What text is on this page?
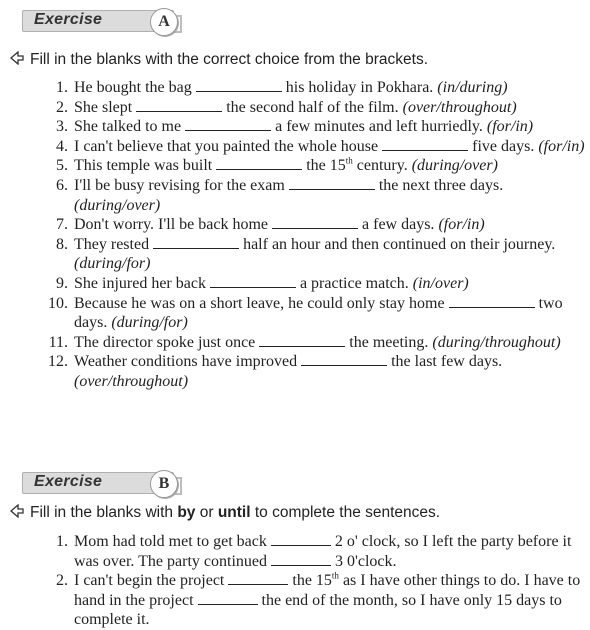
Exercise	A
Fill in the blanks with the correct choice from the brackets.
1. He bought the bag	his holiday in Pokhara. (in/during)
2. She slept	the second half of the film. (over/throughout)
3. She talked to me	a few minutes and left hurriedly. (for/in)
4. I can't believe that you painted the whole house	five days. (for/in)
5. This temple was built	the 15th century. (during/over)
6. I'll be busy revising for the exam	the next three days. (during/over)
7. Don't worry. I'll be back home	a few days. (for/in)
8. They rested	half an hour and then continued on their journey. (during/for)
9. She injured her back	a practice match. (in/over)
10. Because he was on a short leave, he could only stay home	two days. (during/for)
11. The director spoke just once	the meeting. (during/throughout)
12. Weather conditions have improved	the last few days. (over/throughout)
Exercise	B
Fill in the blanks with by or until to complete the sentences.
1. Mom had told met to get back	2 o' clock, so I left the party before it was over. The party continued	3 0'clock.
2. I can't begin the project	the 15th as I have other things to do. I have to hand in the project	the end of the month, so I have only 15 days to complete it.
